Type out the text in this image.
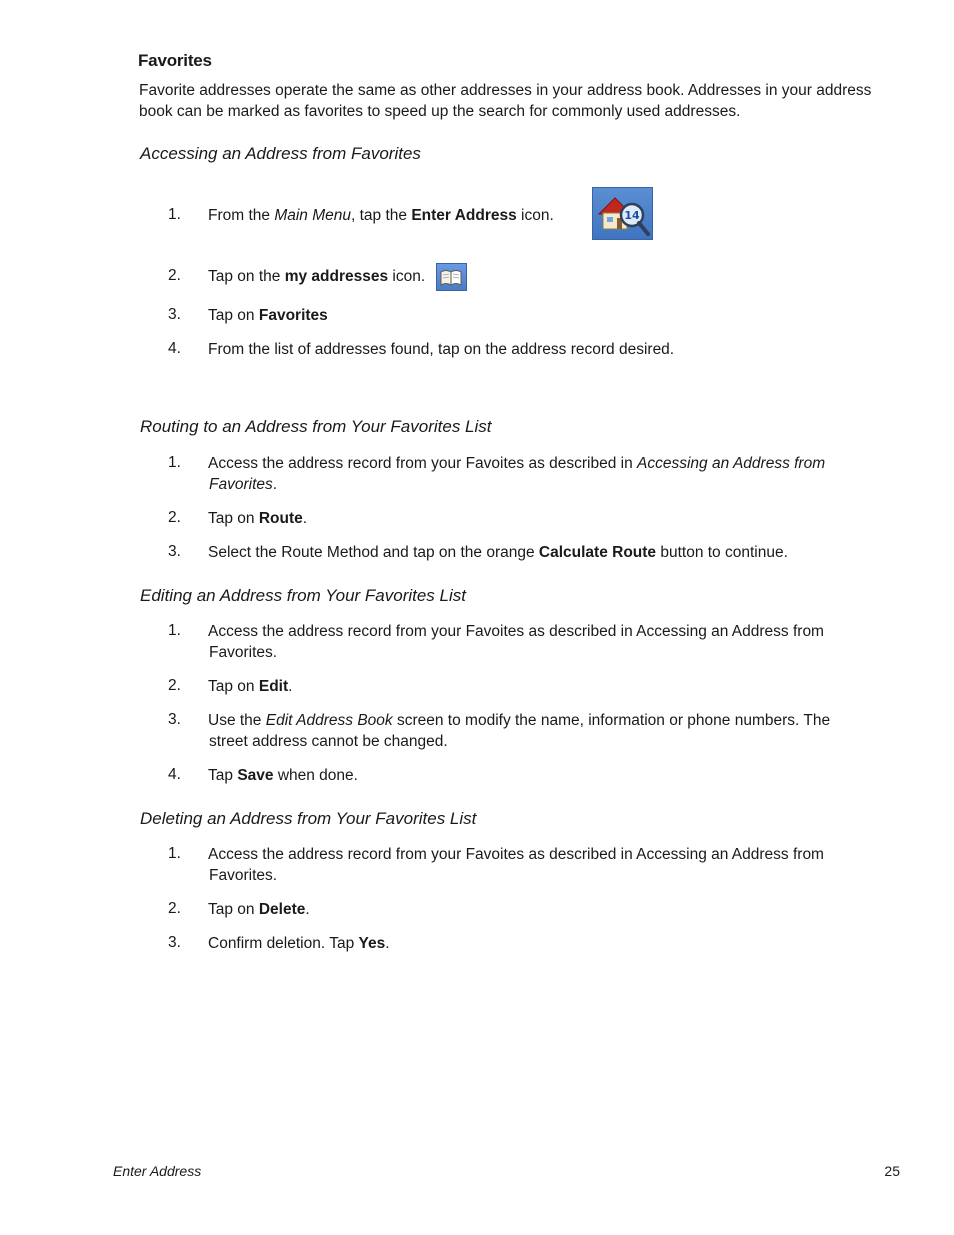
Favorites
Favorite addresses operate the same as other addresses in your address book. Addresses in your address book can be marked as favorites to speed up the search for commonly used addresses.
Accessing an Address from Favorites
1.	From the Main Menu, tap the Enter Address icon.	14
2.	Tap on the my addresses icon.
3.	Tap on Favorites
4.	From the list of addresses found, tap on the address record desired.
Routing to an Address from Your Favorites List
1.	Access the address record from your Favoites as described in Accessing an Address from
Favorites.
2.	Tap on Route.
3.	Select the Route Method and tap on the orange Calculate Route button to continue.
Editing an Address from Your Favorites List
1.	Access the address record from your Favoites as described in Accessing an Address from
Favorites.
2.	Tap on Edit.
3.	Use the Edit Address Book screen to modify the name, information or phone numbers. The
street address cannot be changed.
4.	Tap Save when done.
Deleting an Address from Your Favorites List
1.	Access the address record from your Favoites as described in Accessing an Address from
Favorites.
2.	Tap on Delete.
3.	Confirm deletion. Tap Yes.
Enter Address	25
